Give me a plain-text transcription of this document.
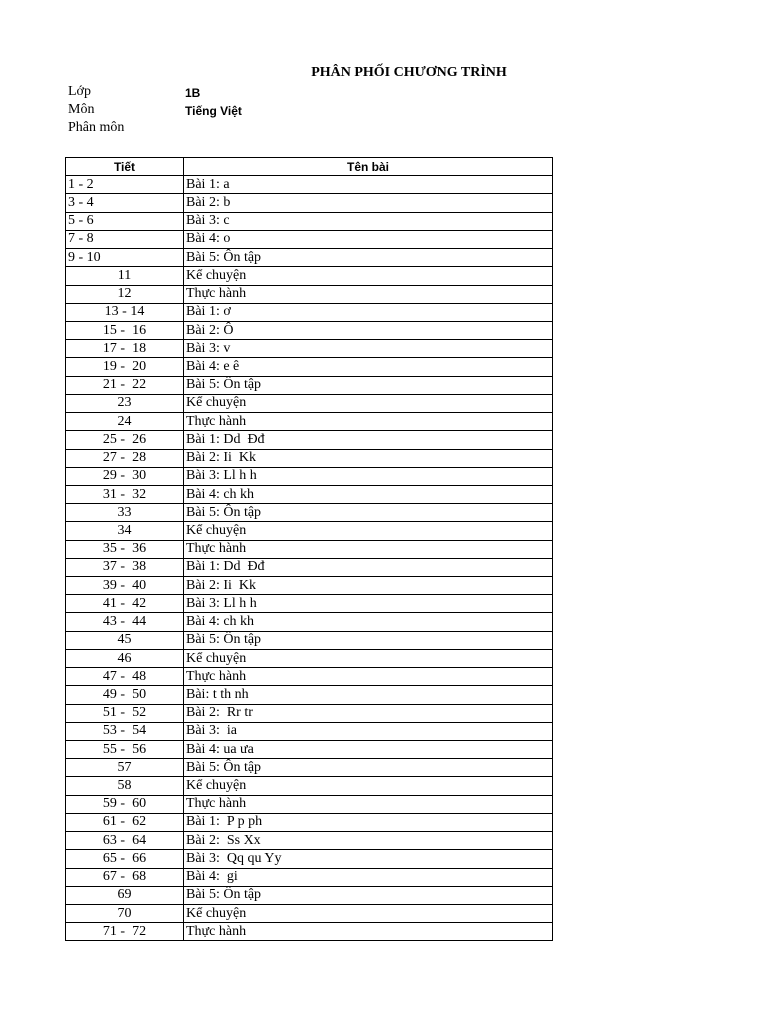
PHÂN PHỐI CHƯƠNG TRÌNH
Lớp	1B
Môn	Tiếng Việt
Phân môn
Tiết	Tên bài
1 - 2	Bài 1: a
3 - 4	Bài 2: b
5 - 6	Bài 3: c
7 - 8	Bài 4: o
9 - 10	Bài 5: Ôn tập
11	Kể chuyện
12	Thực hành
13 - 14	Bài 1: ơ
15 -  16	Bài 2: Ô
17 -  18	Bài 3: v
19 -  20	Bài 4: e ê
21 -  22	Bài 5: Ôn tập
23	Kể chuyện
24	Thực hành
25 -  26	Bài 1: Dd  Đđ
27 -  28	Bài 2: Ii  Kk
29 -  30	Bài 3: Ll h h
31 -  32	Bài 4: ch kh
33	Bài 5: Ôn tập
34	Kể chuyện
35 -  36	Thực hành
37 -  38	Bài 1: Dd  Đđ
39 -  40	Bài 2: Ii  Kk
41 -  42	Bài 3: Ll h h
43 -  44	Bài 4: ch kh
45	Bài 5: Ôn tập
46	Kể chuyện
47 -  48	Thực hành
49 -  50	Bài: t th nh
51 -  52	Bài 2:  Rr tr
53 -  54	Bài 3:  ia
55 -  56	Bài 4: ua ưa
57	Bài 5: Ôn tập
58	Kể chuyện
59 -  60	Thực hành
61 -  62	Bài 1:  P p ph
63 -  64	Bài 2:  Ss Xx
65 -  66	Bài 3:  Qq qu Yy
67 -  68	Bài 4:  gi
69	Bài 5: Ôn tập
70	Kể chuyện
71 -  72	Thực hành
